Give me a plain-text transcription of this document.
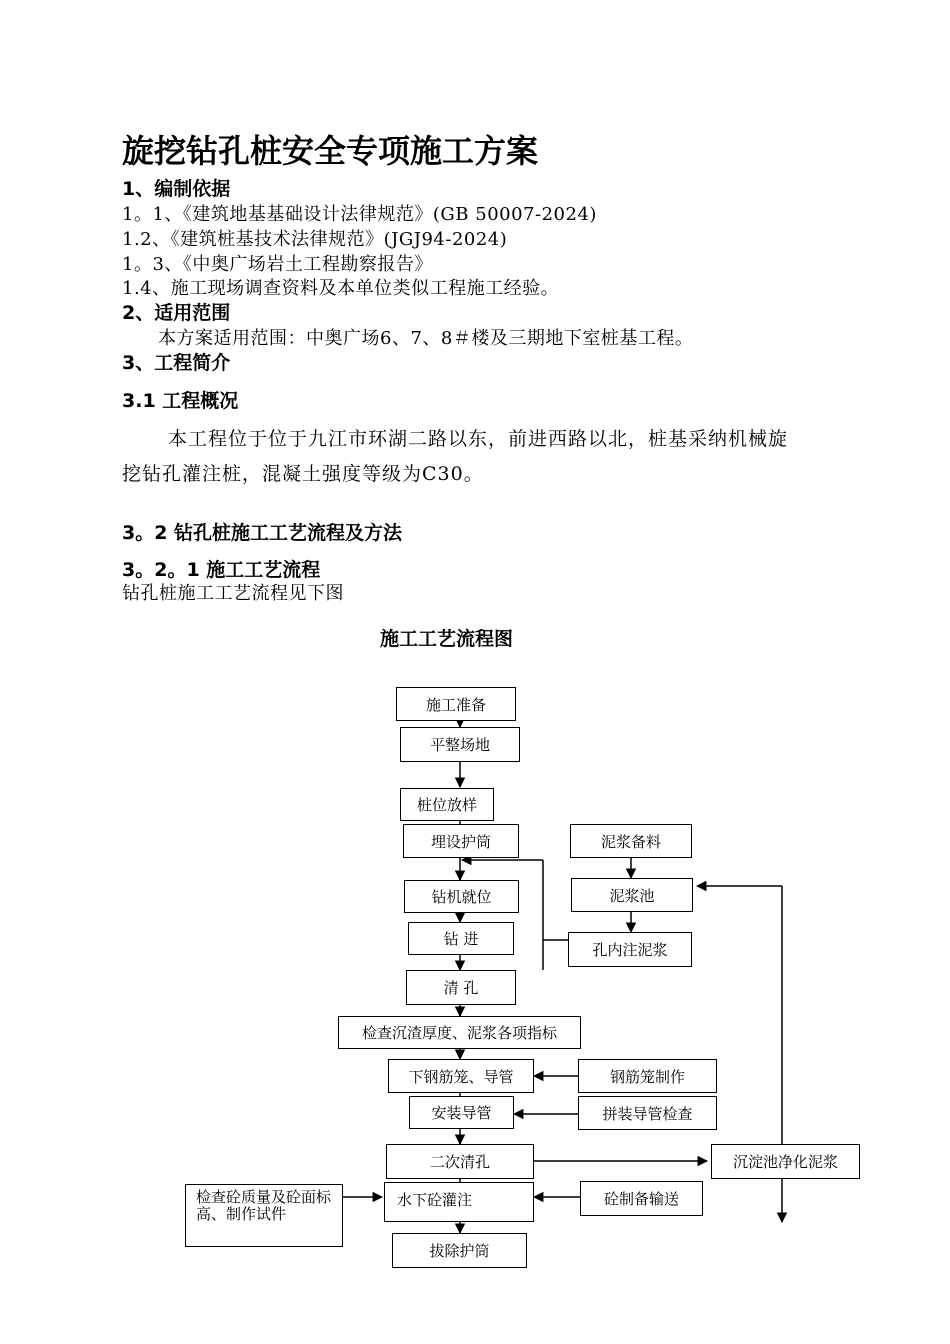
旋挖钻孔桩安全专项施工方案
1、编制依据
1。1、《建筑地基基础设计法律规范》(GB 50007-2024)
1.2、《建筑桩基技术法律规范》(JGJ94-2024)
1。3、《中奥广场岩土工程勘察报告》
1.4、施工现场调查资料及本单位类似工程施工经验。
2、适用范围
本方案适用范围：中奥广场6、7、8＃楼及三期地下室桩基工程。
3、工程简介
3.1 工程概况
本工程位于位于九江市环湖二路以东，前进西路以北，桩基采纳机械旋
挖钻孔灌注桩，混凝土强度等级为C30。
3。2 钻孔桩施工工艺流程及方法
3。2。1 施工工艺流程
钻孔桩施工工艺流程见下图
施工工艺流程图
施工准备
平整场地
桩位放样
埋设护筒
钻机就位
钻 进
清 孔
检查沉渣厚度、泥浆各项指标
下钢筋笼、导管
安装导管
二次清孔
水下砼灌注
拔除护筒
泥浆备料
泥浆池
孔内注泥浆
钢筋笼制作
拼装导管检查
沉淀池净化泥浆
砼制备输送
检查砼质量及砼面标高、制作试件
